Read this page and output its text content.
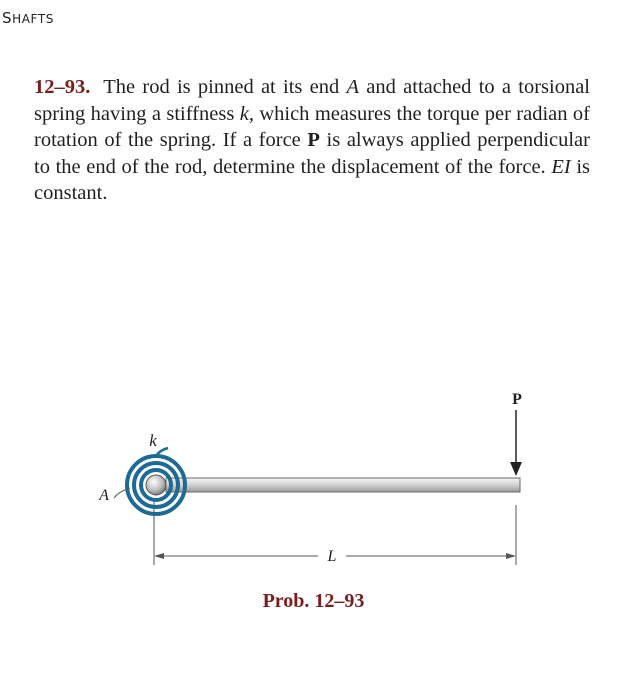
SHAFTS
12–93. The rod is pinned at its end A and attached to a torsional spring having a stiffness k, which measures the torque per radian of rotation of the spring. If a force P is always applied perpendicular to the end of the rod, determine the displacement of the force. EI is constant.
L
k
A
P
Prob. 12–93
